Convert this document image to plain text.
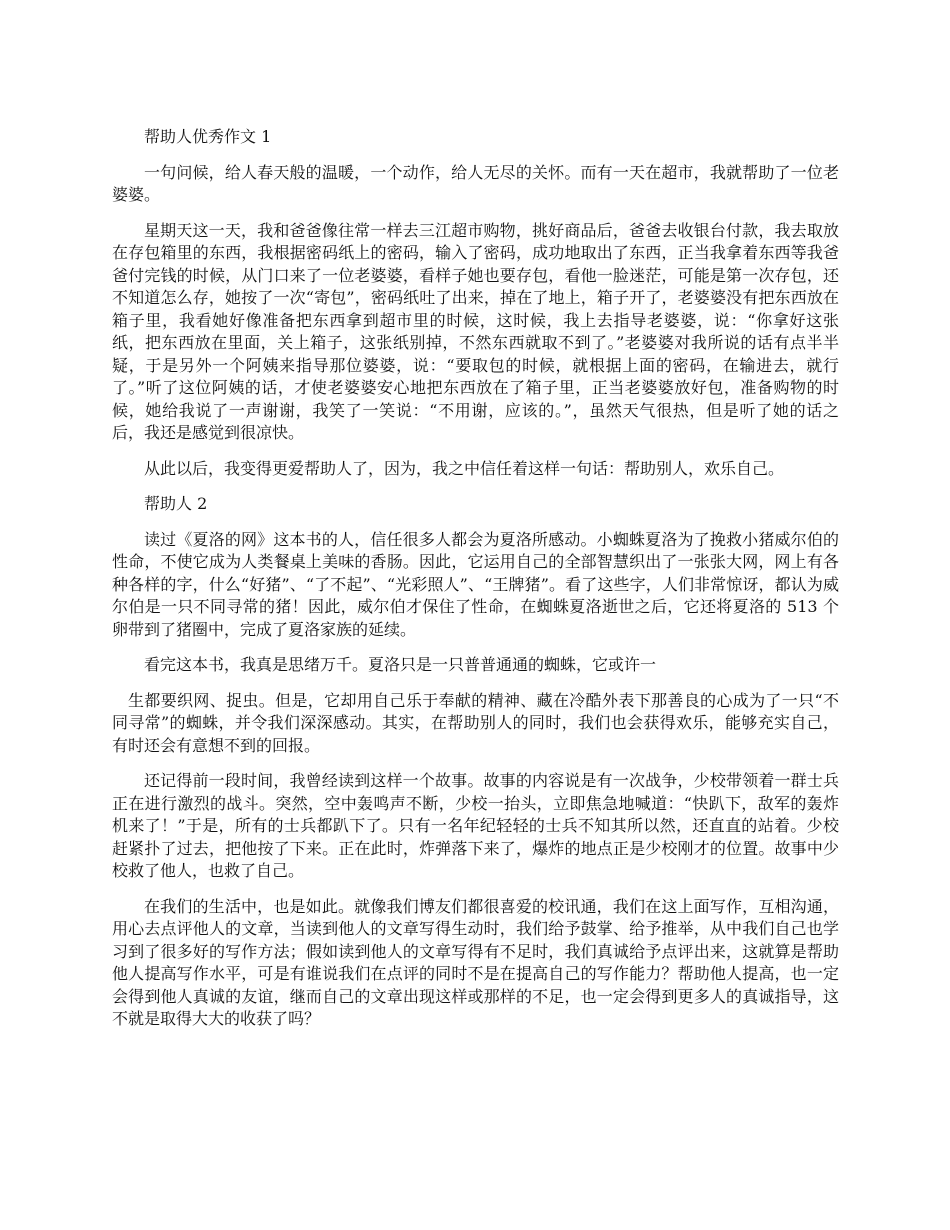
帮助人优秀作文 1

一句问候，给人春天般的温暖，一个动作，给人无尽的关怀。而有一天在超市，我就帮助了一位老婆婆。

星期天这一天，我和爸爸像往常一样去三江超市购物，挑好商品后，爸爸去收银台付款，我去取放在存包箱里的东西，我根据密码纸上的密码，输入了密码，成功地取出了东西，正当我拿着东西等我爸爸付完钱的时候，从门口来了一位老婆婆，看样子她也要存包，看他一脸迷茫，可能是第一次存包，还不知道怎么存，她按了一次“寄包”，密码纸吐了出来，掉在了地上，箱子开了，老婆婆没有把东西放在箱子里，我看她好像准备把东西拿到超市里的时候，这时候，我上去指导老婆婆，说：“你拿好这张纸，把东西放在里面，关上箱子，这张纸别掉，不然东西就取不到了。”老婆婆对我所说的话有点半半疑，于是另外一个阿姨来指导那位婆婆，说：“要取包的时候，就根据上面的密码，在输进去，就行了。”听了这位阿姨的话，才使老婆婆安心地把东西放在了箱子里，正当老婆婆放好包，准备购物的时候，她给我说了一声谢谢，我笑了一笑说：“不用谢，应该的。”，虽然天气很热，但是听了她的话之后，我还是感觉到很凉快。

从此以后，我变得更爱帮助人了，因为，我之中信任着这样一句话：帮助别人，欢乐自己。

帮助人 2

读过《夏洛的网》这本书的人，信任很多人都会为夏洛所感动。小蜘蛛夏洛为了挽救小猪威尔伯的性命，不使它成为人类餐桌上美味的香肠。因此，它运用自己的全部智慧织出了一张张大网，网上有各种各样的字，什么“好猪”、“了不起”、“光彩照人”、“王牌猪”。看了这些字，人们非常惊讶，都认为威尔伯是一只不同寻常的猪！因此，威尔伯才保住了性命，在蜘蛛夏洛逝世之后，它还将夏洛的 513 个卵带到了猪圈中，完成了夏洛家族的延续。

看完这本书，我真是思绪万千。夏洛只是一只普普通通的蜘蛛，它或许一

生都要织网、捉虫。但是，它却用自己乐于奉献的精神、藏在冷酷外表下那善良的心成为了一只“不同寻常”的蜘蛛，并令我们深深感动。其实，在帮助别人的同时，我们也会获得欢乐，能够充实自己，有时还会有意想不到的回报。

还记得前一段时间，我曾经读到这样一个故事。故事的内容说是有一次战争，少校带领着一群士兵正在进行激烈的战斗。突然，空中轰鸣声不断，少校一抬头，立即焦急地喊道：“快趴下，敌军的轰炸机来了！”于是，所有的士兵都趴下了。只有一名年纪轻轻的士兵不知其所以然，还直直的站着。少校赶紧扑了过去，把他按了下来。正在此时，炸弹落下来了，爆炸的地点正是少校刚才的位置。故事中少校救了他人，也救了自己。

在我们的生活中，也是如此。就像我们博友们都很喜爱的校讯通，我们在这上面写作，互相沟通，用心去点评他人的文章，当读到他人的文章写得生动时，我们给予鼓掌、给予推举，从中我们自己也学习到了很多好的写作方法；假如读到他人的文章写得有不足时，我们真诚给予点评出来，这就算是帮助他人提高写作水平，可是有谁说我们在点评的同时不是在提高自己的写作能力？帮助他人提高，也一定会得到他人真诚的友谊，继而自己的文章出现这样或那样的不足，也一定会得到更多人的真诚指导，这不就是取得大大的收获了吗？
